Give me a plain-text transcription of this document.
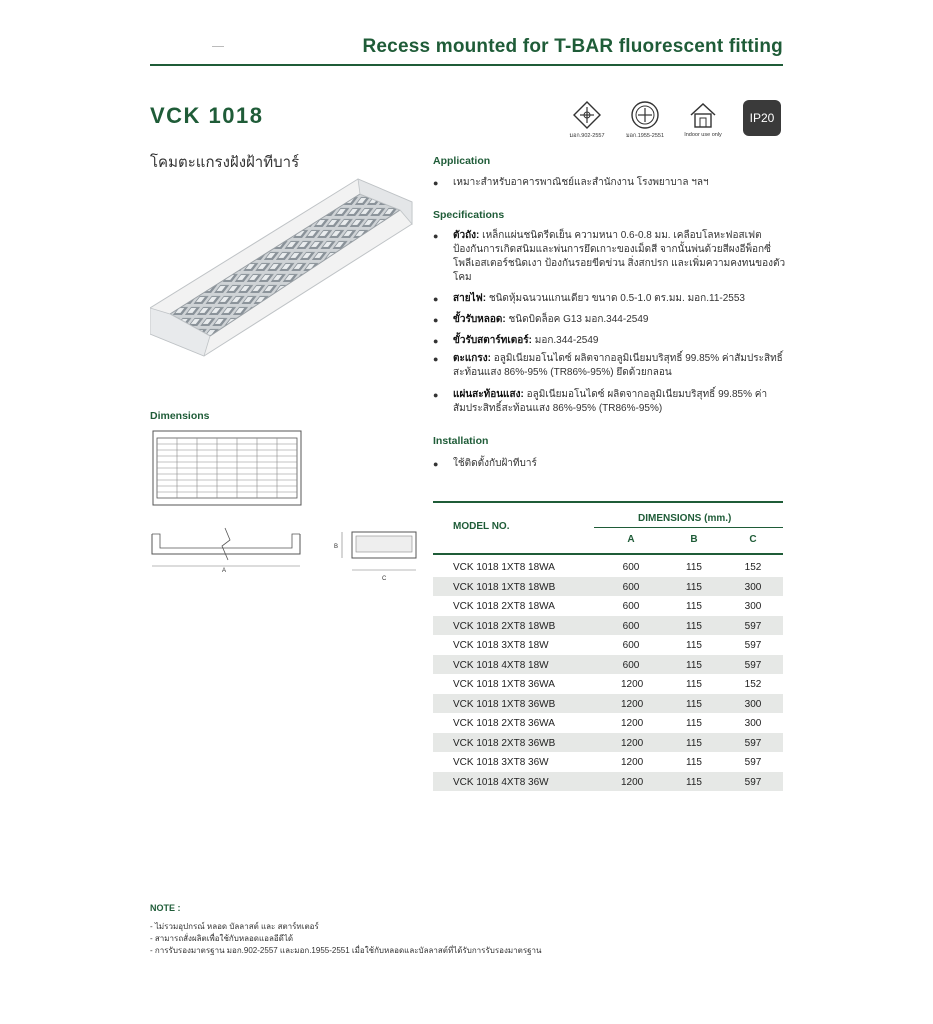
Recess mounted for T-BAR fluorescent fitting
VCK 1018
โคมตะแกรงฝังฝ้าทีบาร์
มอก.902-2557	มอก.1955-2551	Indoor use only
IP20
Dimensions
A
B
C
Application
● เหมาะสำหรับอาคารพาณิชย์และสำนักงาน โรงพยาบาล ฯลฯ
Specifications
● ตัวถัง: เหล็กแผ่นชนิดรีดเย็น ความหนา 0.6-0.8 มม. เคลือบโลหะฟอสเฟต ป้องกันการเกิดสนิมและพ่นการยึดเกาะของเม็ดสี จากนั้นพ่นด้วยสีผงอีพ็อกซี่โพลีเอสเตอร์ชนิดเงา ป้องกันรอยขีดข่วน สิ่งสกปรก และเพิ่มความคงทนของตัวโคม
● สายไฟ: ชนิดหุ้มฉนวนแกนเดียว ขนาด 0.5-1.0 ตร.มม. มอก.11-2553
● ขั้วรับหลอด: ชนิดบิดล็อค G13 มอก.344-2549
● ขั้วรับสตาร์ทเตอร์: มอก.344-2549
● ตะแกรง: อลูมิเนียมอโนไดซ์ ผลิตจากอลูมิเนียมบริสุทธิ์ 99.85% ค่าสัมประสิทธิ์สะท้อนแสง 86%-95% (TR86%-95%) ยึดด้วยกลอน
● แผ่นสะท้อนแสง: อลูมิเนียมอโนไดซ์ ผลิตจากอลูมิเนียมบริสุทธิ์ 99.85% ค่าสัมประสิทธิ์สะท้อนแสง 86%-95% (TR86%-95%)
Installation
● ใช้ติดตั้งกับฝ้าทีบาร์
MODEL NO.
DIMENSIONS (mm.)
A	B	C
VCK 1018 1XT8 18WA	600	115	152
VCK 1018 1XT8 18WB	600	115	300
VCK 1018 2XT8 18WA	600	115	300
VCK 1018 2XT8 18WB	600	115	597
VCK 1018 3XT8 18W	600	115	597
VCK 1018 4XT8 18W	600	115	597
VCK 1018 1XT8 36WA	1200	115	152
VCK 1018 1XT8 36WB	1200	115	300
VCK 1018 2XT8 36WA	1200	115	300
VCK 1018 2XT8 36WB	1200	115	597
VCK 1018 3XT8 36W	1200	115	597
VCK 1018 4XT8 36W	1200	115	597
NOTE :
- ไม่รวมอุปกรณ์ หลอด บัลลาสต์ และ สตาร์ทเตอร์
- สามารถสั่งผลิตเพื่อใช้กับหลอดแอลอีดีได้
- การรับรองมาตรฐาน มอก.902-2557 และมอก.1955-2551 เมื่อใช้กับหลอดและบัลลาสต์ที่ได้รับการรับรองมาตรฐาน
